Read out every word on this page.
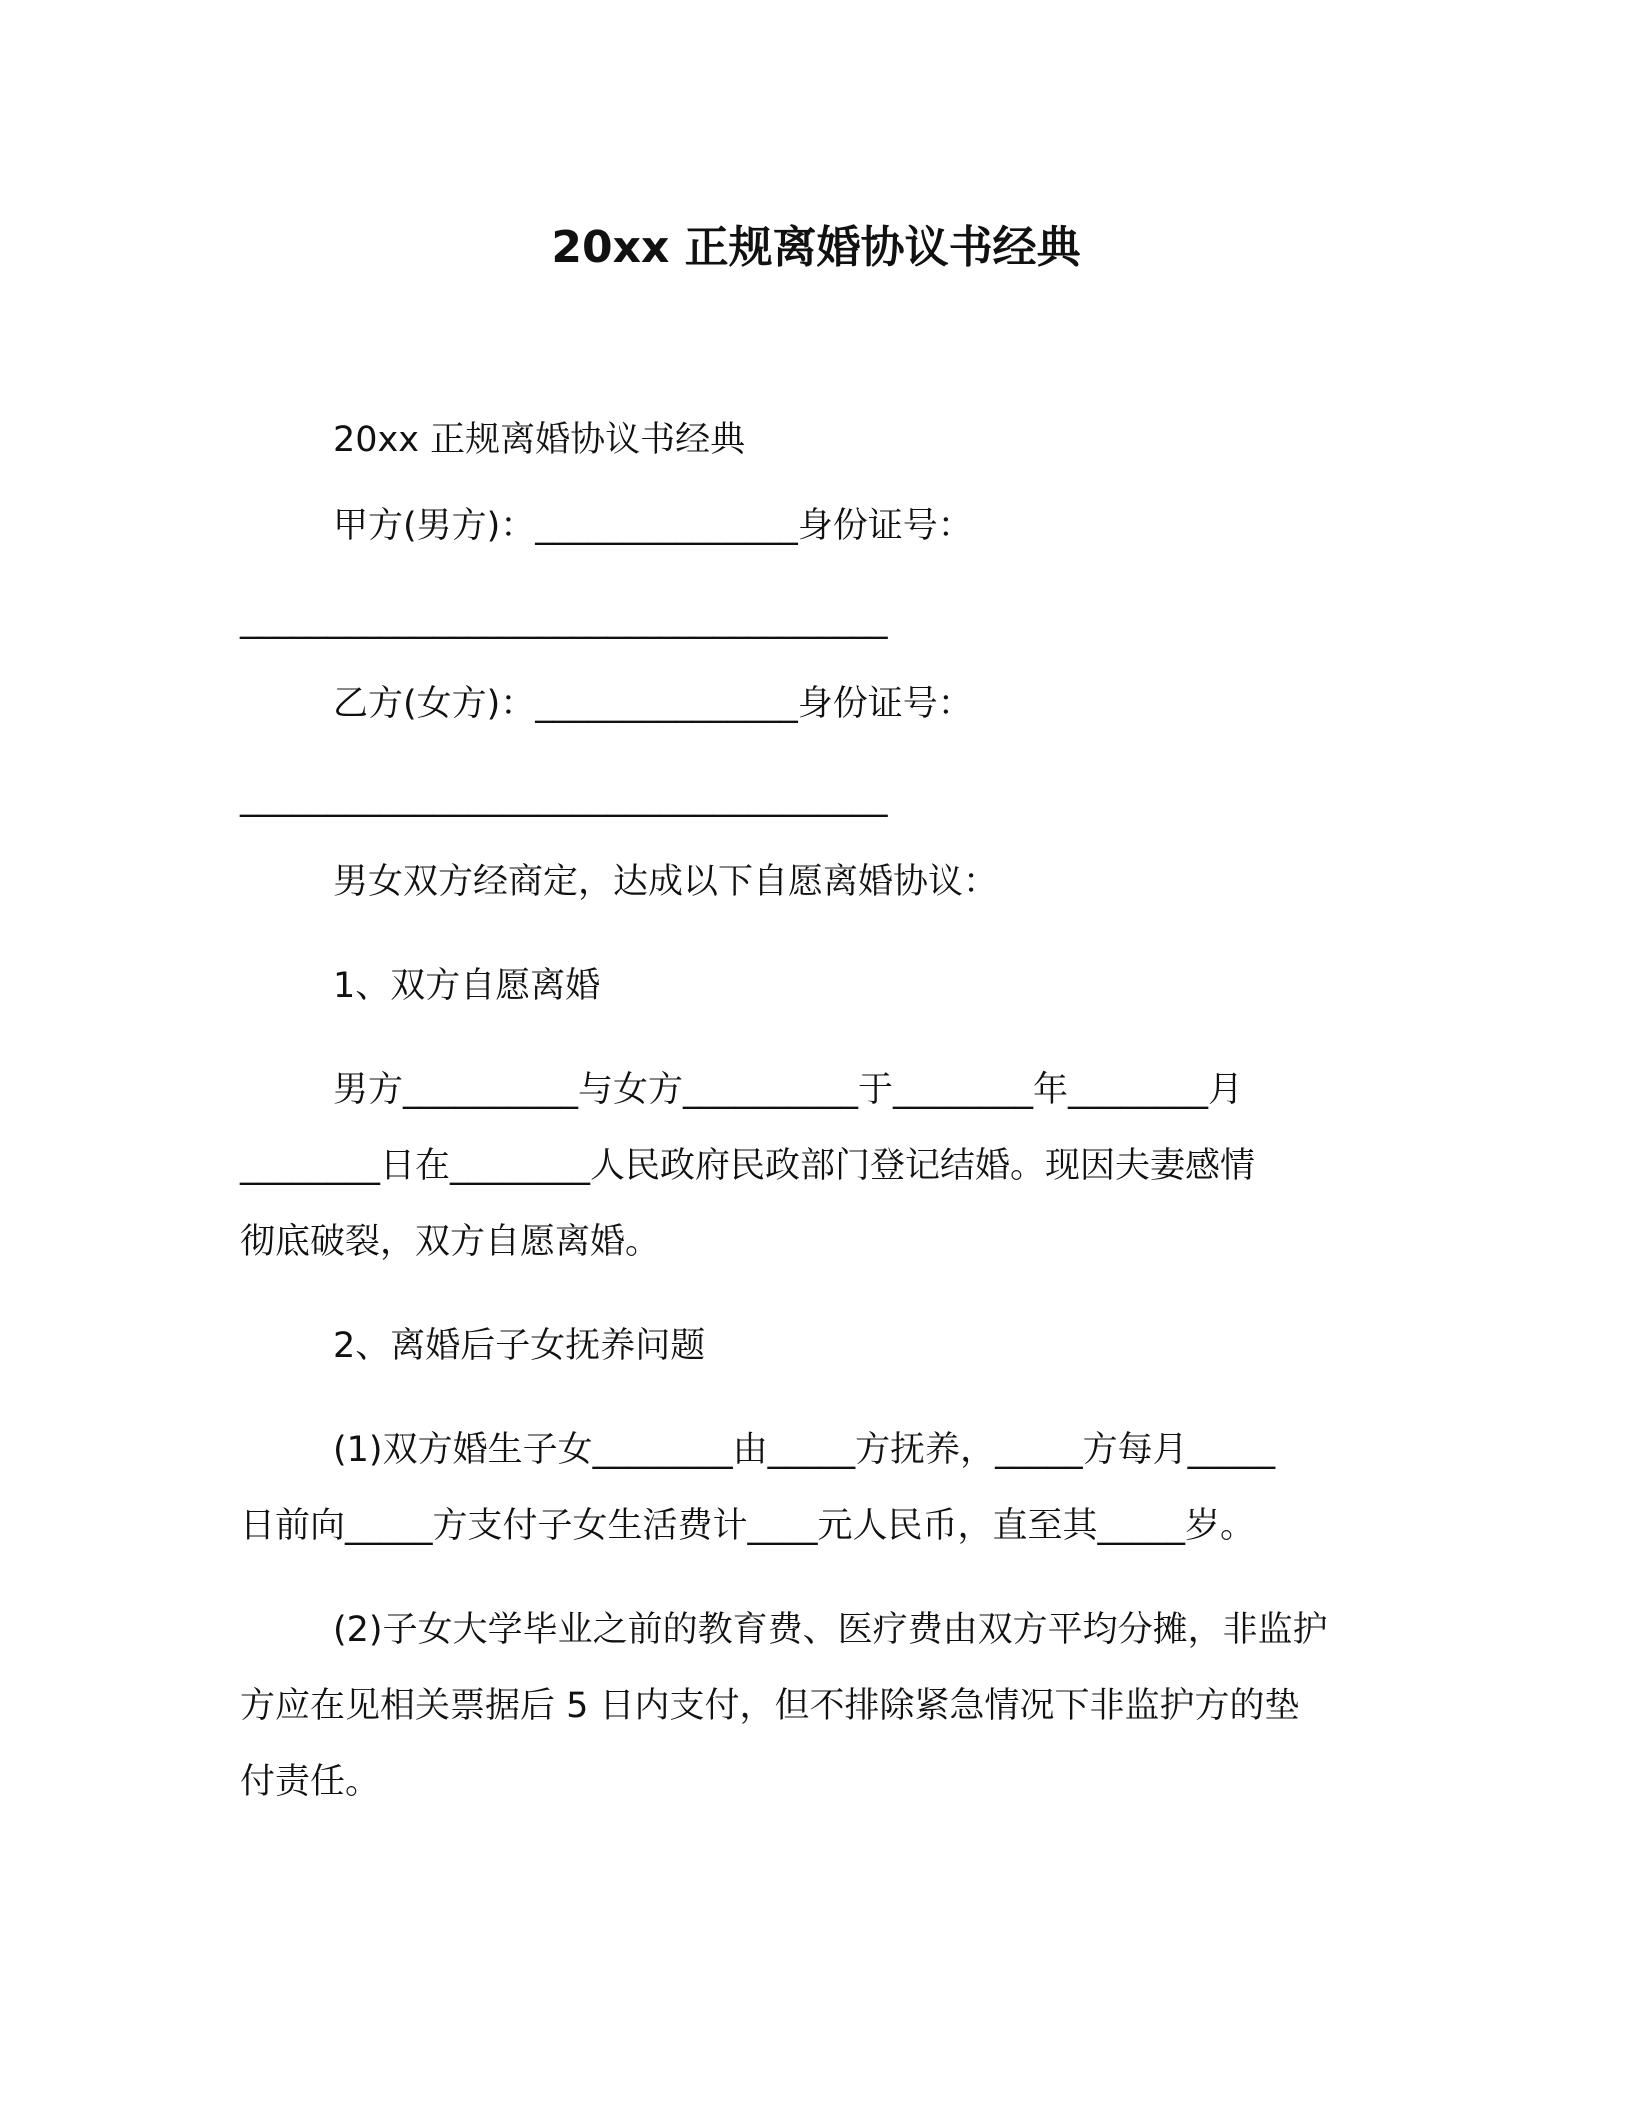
20xx 正规离婚协议书经典
20xx 正规离婚协议书经典
甲方(男方)：_______________身份证号：
_____________________________________
乙方(女方)：_______________身份证号：
_____________________________________
男女双方经商定，达成以下自愿离婚协议：
1、双方自愿离婚
男方__________与女方__________于________年________月
________日在________人民政府民政部门登记结婚。现因夫妻感情
彻底破裂，双方自愿离婚。
2、离婚后子女抚养问题
(1)双方婚生子女________由_____方抚养，_____方每月_____
日前向_____方支付子女生活费计____元人民币，直至其_____岁。
(2)子女大学毕业之前的教育费、医疗费由双方平均分摊，非监护
方应在见相关票据后 5 日内支付，但不排除紧急情况下非监护方的垫
付责任。
